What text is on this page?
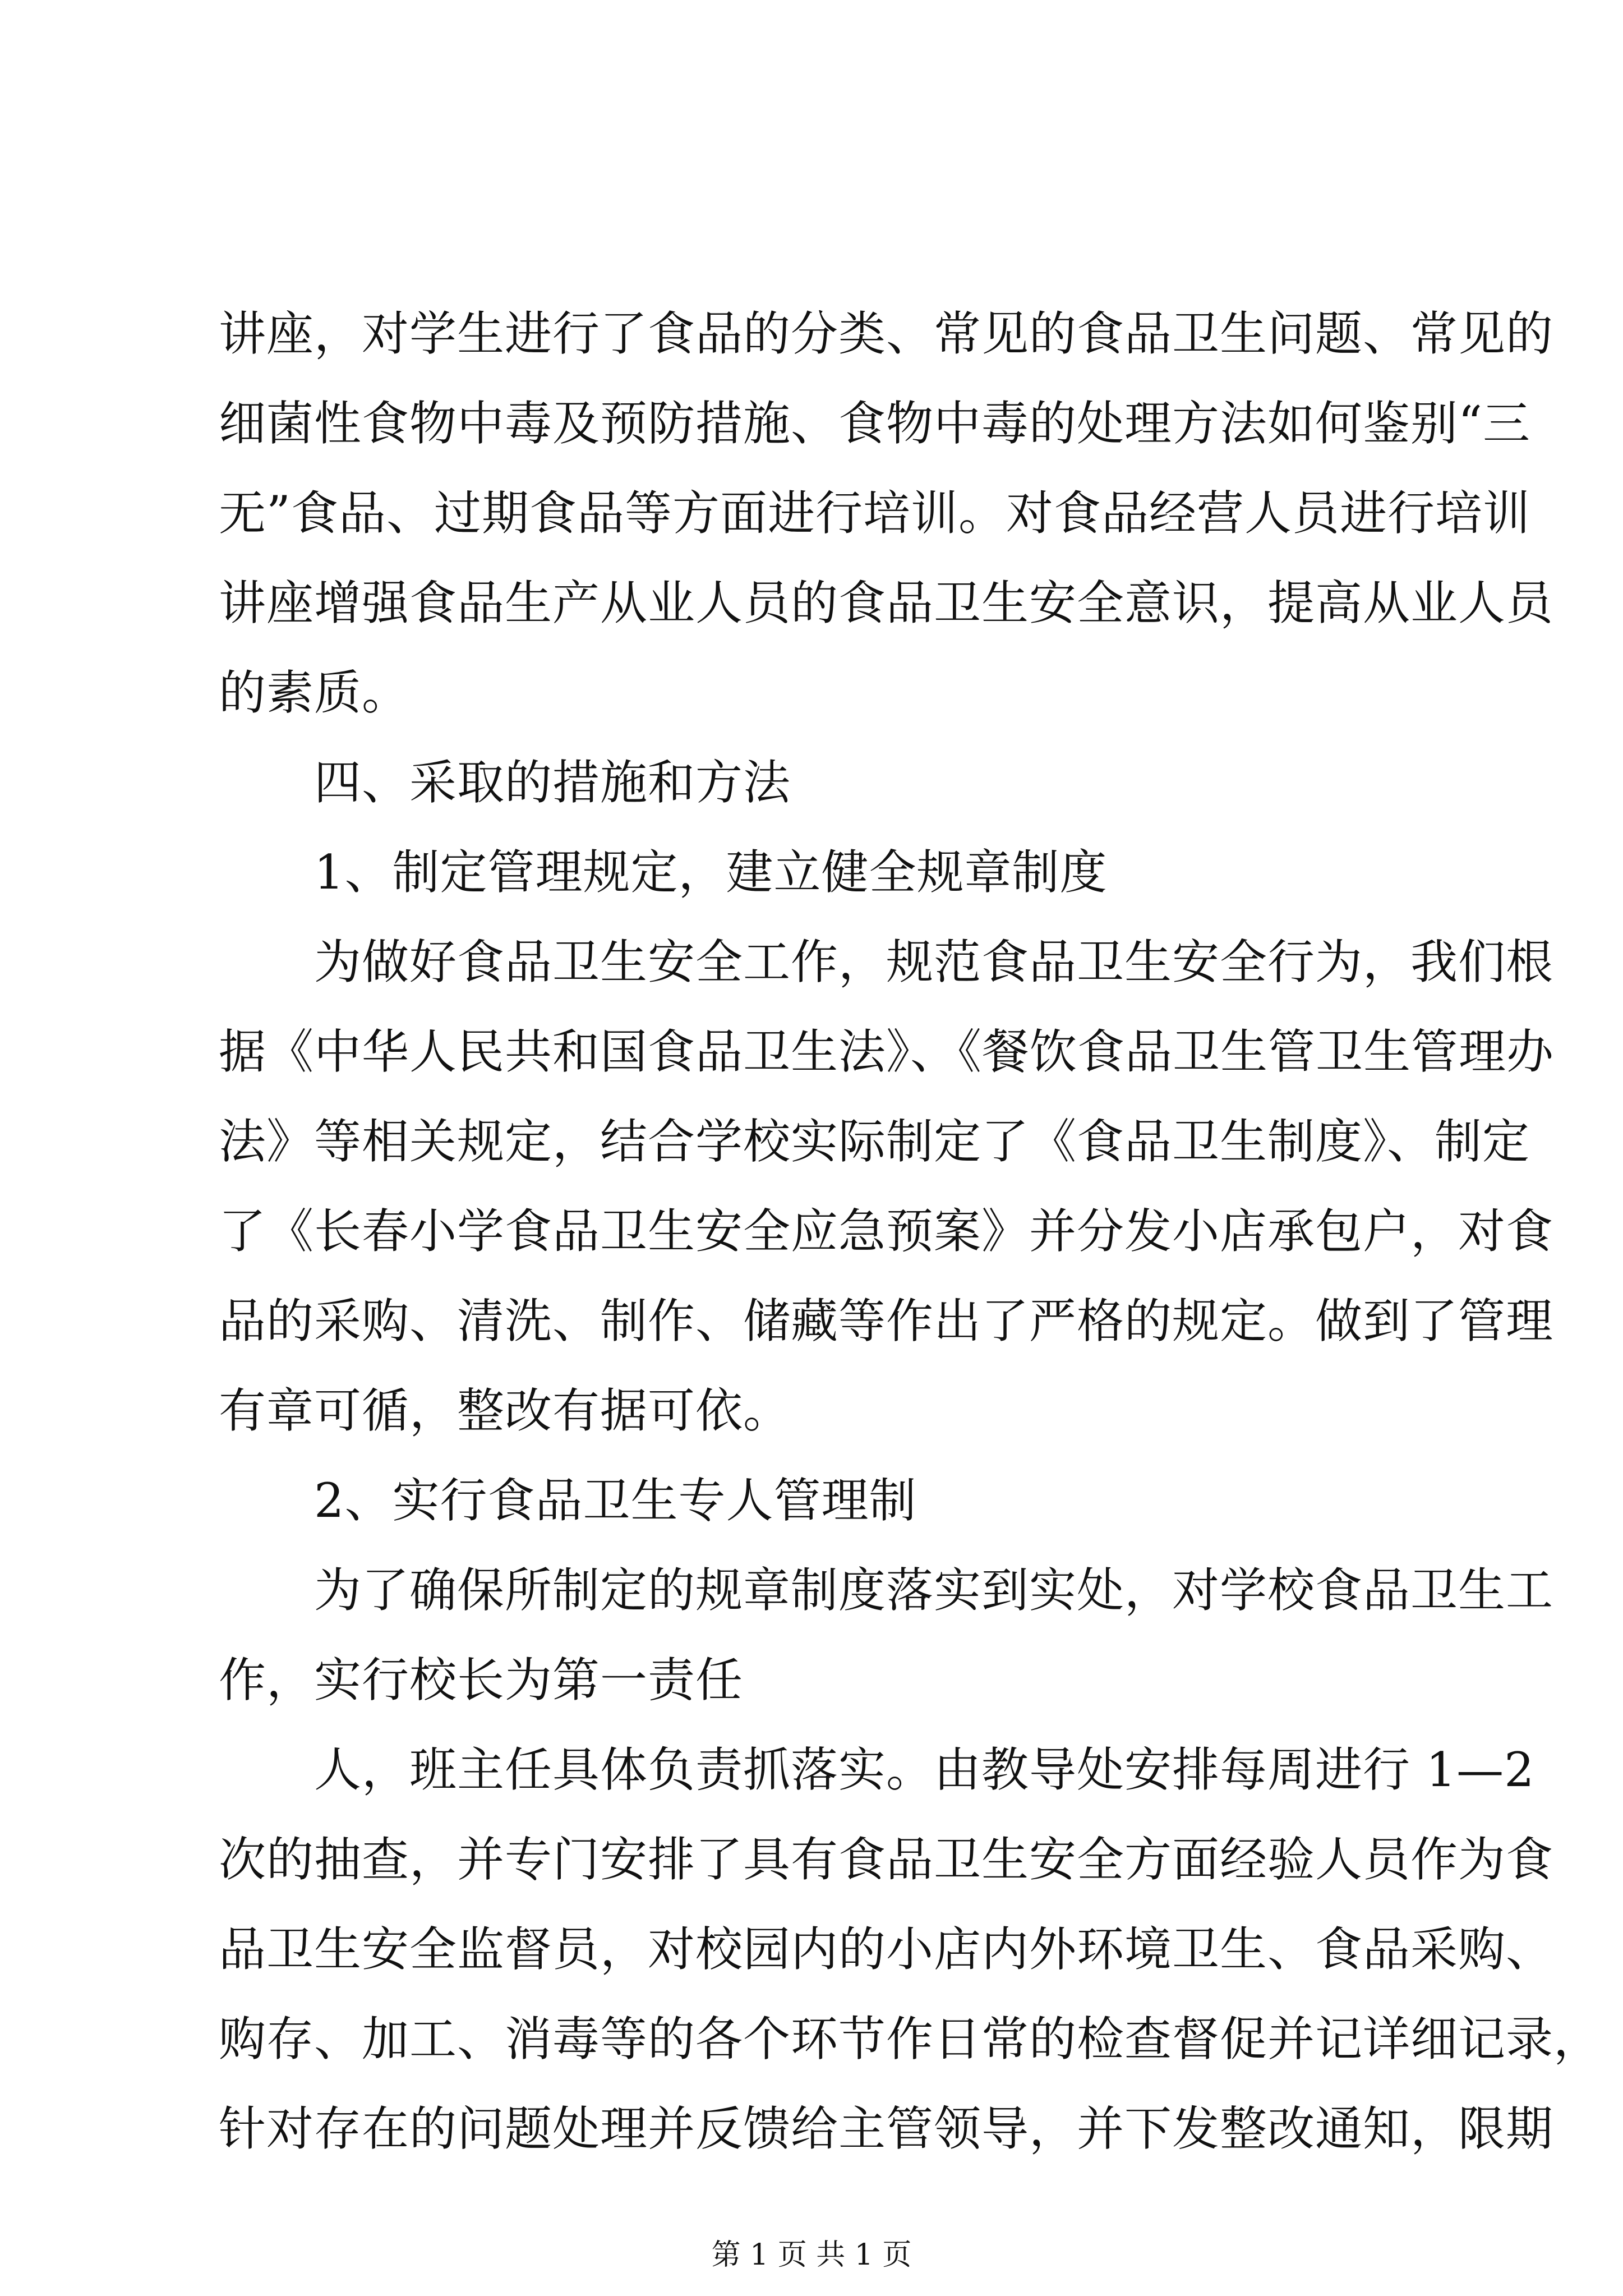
讲座，对学生进行了食品的分类、常见的食品卫生问题、常见的
细菌性食物中毒及预防措施、食物中毒的处理方法如何鉴别“三
无”食品、过期食品等方面进行培训。对食品经营人员进行培训
讲座增强食品生产从业人员的食品卫生安全意识，提高从业人员
的素质。
四、采取的措施和方法
1、制定管理规定，建立健全规章制度
为做好食品卫生安全工作，规范食品卫生安全行为，我们根
据《中华人民共和国食品卫生法》、《餐饮食品卫生管卫生管理办
法》等相关规定，结合学校实际制定了《食品卫生制度》、制定
了《长春小学食品卫生安全应急预案》并分发小店承包户，对食
品的采购、清洗、制作、储藏等作出了严格的规定。做到了管理
有章可循，整改有据可依。
2、实行食品卫生专人管理制
为了确保所制定的规章制度落实到实处，对学校食品卫生工
作，实行校长为第一责任
人，班主任具体负责抓落实。由教导处安排每周进行 1—2
次的抽查，并专门安排了具有食品卫生安全方面经验人员作为食
品卫生安全监督员，对校园内的小店内外环境卫生、食品采购、
购存、加工、消毒等的各个环节作日常的检查督促并记详细记录，
针对存在的问题处理并反馈给主管领导，并下发整改通知，限期
第 1 页 共 1 页
